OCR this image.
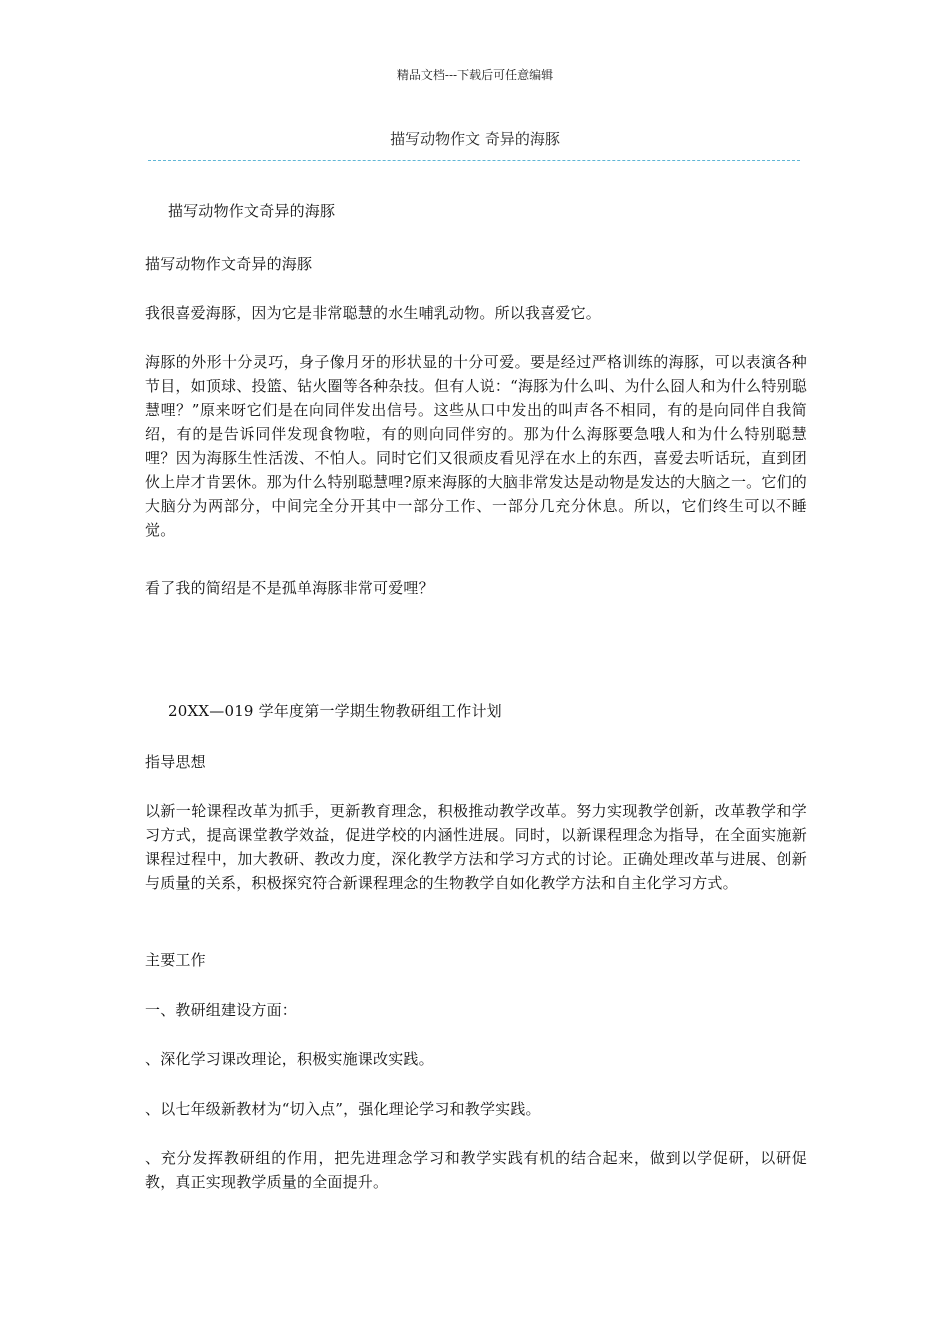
精品文档---下载后可任意编辑
描写动物作文 奇异的海豚

描写动物作文奇异的海豚

描写动物作文奇异的海豚

我很喜爱海豚，因为它是非常聪慧的水生哺乳动物。所以我喜爱它。

海豚的外形十分灵巧，身子像月牙的形状显的十分可爱。要是经过严格训练的海豚，可以表演各种节目，如顶球、投篮、钻火圈等各种杂技。但有人说：“海豚为什么叫、为什么囧人和为什么特别聪慧哩？”原来呀它们是在向同伴发出信号。这些从口中发出的叫声各不相同，有的是向同伴自我简绍，有的是告诉同伴发现食物啦，有的则向同伴穷的。那为什么海豚要急哦人和为什么特别聪慧哩？因为海豚生性活泼、不怕人。同时它们又很顽皮看见浮在水上的东西，喜爱去听话玩，直到团伙上岸才肯罢休。那为什么特别聪慧哩?原来海豚的大脑非常发达是动物是发达的大脑之一。它们的大脑分为两部分，中间完全分开其中一部分工作、一部分几充分休息。所以，它们终生可以不睡觉。

看了我的简绍是不是孤单海豚非常可爱哩？

20XX—019 学年度第一学期生物教研组工作计划

指导思想

以新一轮课程改革为抓手，更新教育理念，积极推动教学改革。努力实现教学创新，改革教学和学习方式，提高课堂教学效益，促进学校的内涵性进展。同时，以新课程理念为指导，在全面实施新课程过程中，加大教研、教改力度，深化教学方法和学习方式的讨论。正确处理改革与进展、创新与质量的关系，积极探究符合新课程理念的生物教学自如化教学方法和自主化学习方式。

主要工作

一、教研组建设方面：

、深化学习课改理论，积极实施课改实践。

、以七年级新教材为“切入点”，强化理论学习和教学实践。

、充分发挥教研组的作用，把先进理念学习和教学实践有机的结合起来，做到以学促研，以研促教，真正实现教学质量的全面提升。
